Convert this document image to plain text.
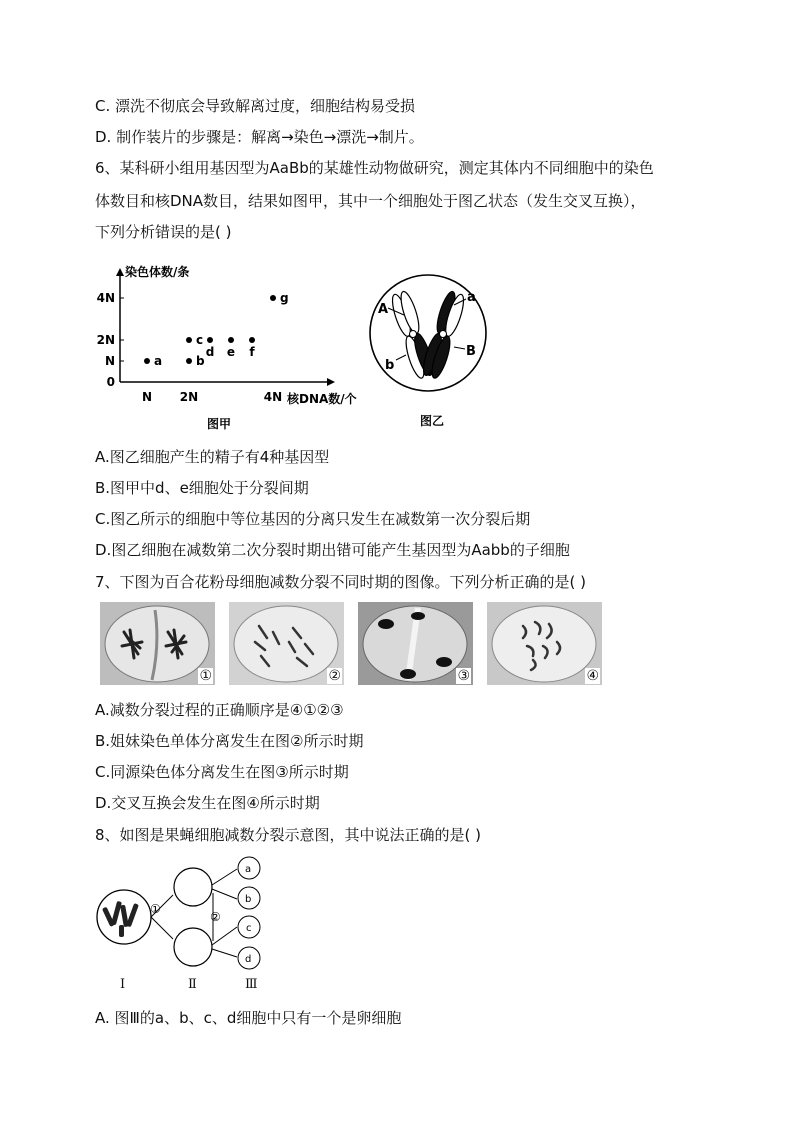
C. 漂洗不彻底会导致解离过度，细胞结构易受损
D. 制作装片的步骤是：解离→染色→漂洗→制片。
6、某科研小组用基因型为AaBb的某雄性动物做研究，测定其体内不同细胞中的染色
体数目和核DNA数目，结果如图甲，其中一个细胞处于图乙状态（发生交叉互换），
下列分析错误的是( )
染色体数/条
核DNA数/个
0
N
2N
4N
N 2N	4N
a	b
c
d e f
g
图甲
A
a
b
B
图乙
A.图乙细胞产生的精子有4种基因型
B.图甲中d、e细胞处于分裂间期
C.图乙所示的细胞中等位基因的分离只发生在减数第一次分裂后期
D.图乙细胞在减数第二次分裂时期出错可能产生基因型为Aabb的子细胞
7、下图为百合花粉母细胞减数分裂不同时期的图像。下列分析正确的是( )
①	②	③	④
A.减数分裂过程的正确顺序是④①②③
B.姐妹染色单体分离发生在图②所示时期
C.同源染色体分离发生在图③所示时期
D.交叉互换会发生在图④所示时期
8、如图是果蝇细胞减数分裂示意图，其中说法正确的是( )
①
②
a
b
c
d
Ⅰ	Ⅱ	Ⅲ
A. 图Ⅲ的a、b、c、d细胞中只有一个是卵细胞
